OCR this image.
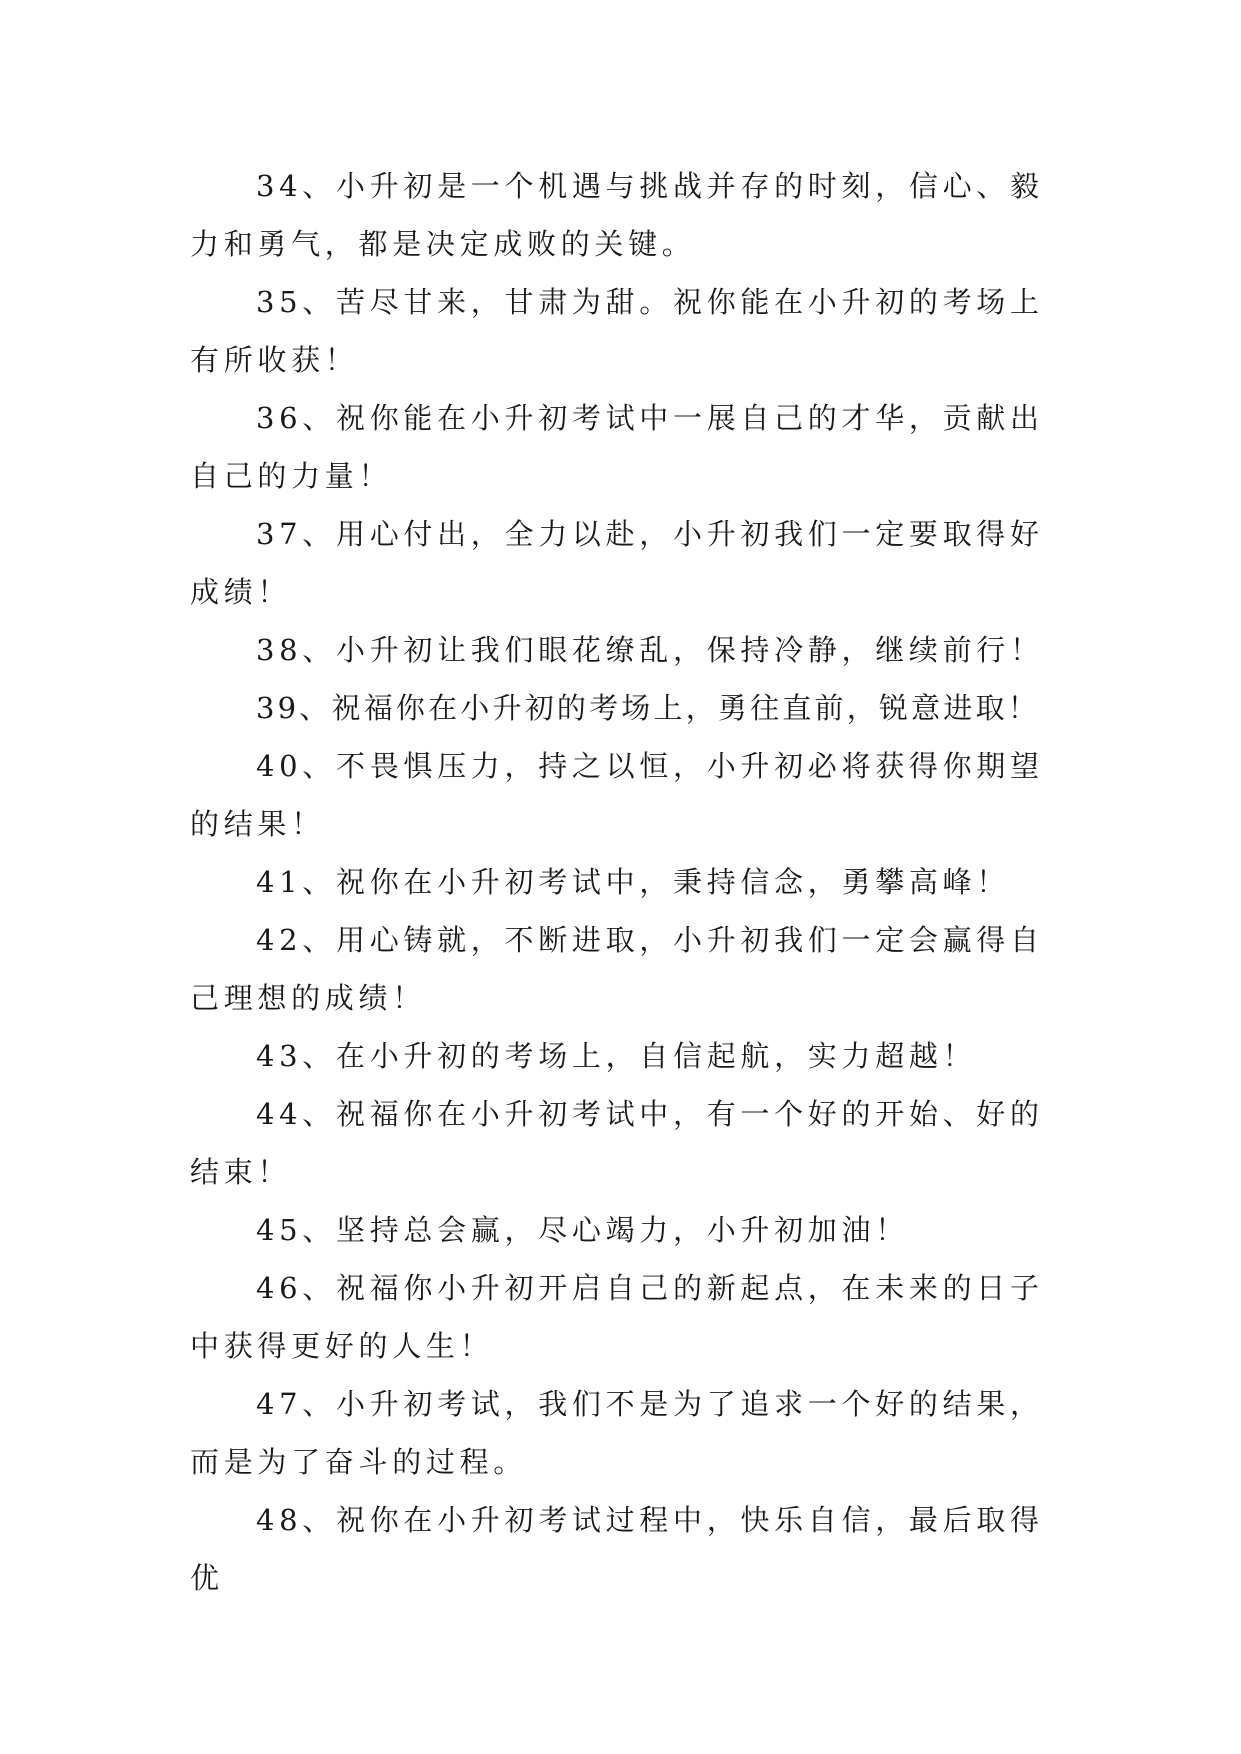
34、小升初是一个机遇与挑战并存的时刻，信心、毅力和勇气，都是决定成败的关键。

35、苦尽甘来，甘肃为甜。祝你能在小升初的考场上有所收获！

36、祝你能在小升初考试中一展自己的才华，贡献出自己的力量！

37、用心付出，全力以赴，小升初我们一定要取得好成绩！

38、小升初让我们眼花缭乱，保持冷静，继续前行！

39、祝福你在小升初的考场上，勇往直前，锐意进取！

40、不畏惧压力，持之以恒，小升初必将获得你期望的结果！

41、祝你在小升初考试中，秉持信念，勇攀高峰！

42、用心铸就，不断进取，小升初我们一定会赢得自己理想的成绩！

43、在小升初的考场上，自信起航，实力超越！

44、祝福你在小升初考试中，有一个好的开始、好的结束！

45、坚持总会赢，尽心竭力，小升初加油！

46、祝福你小升初开启自己的新起点，在未来的日子中获得更好的人生！

47、小升初考试，我们不是为了追求一个好的结果，而是为了奋斗的过程。

48、祝你在小升初考试过程中，快乐自信，最后取得优
